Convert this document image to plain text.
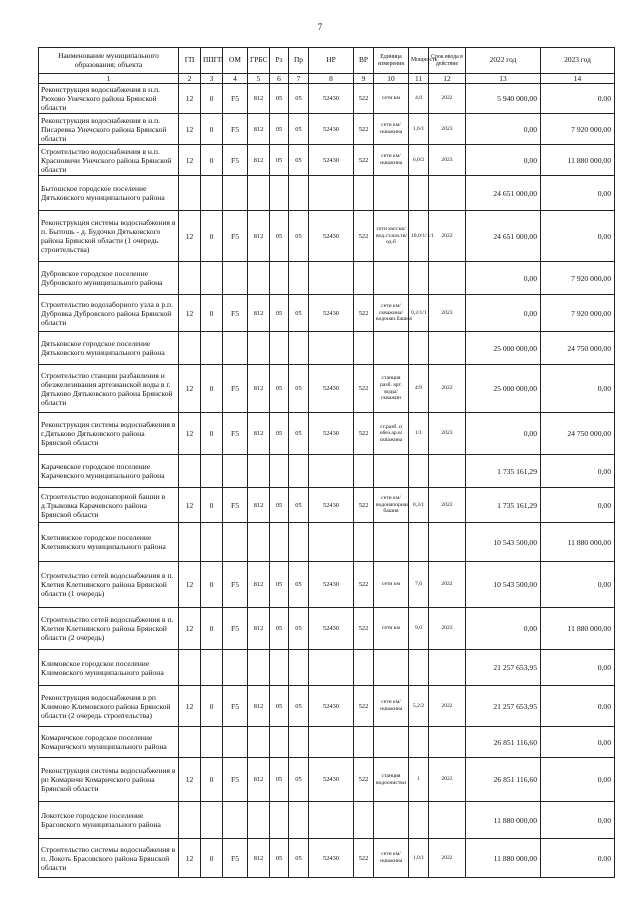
7
Наименование муниципального образования; объекта	ГП	ППГП	ОМ	ГРБС	Рз	Пр	НР	ВР	Единица измерения	Мощность	Срок ввода в действие	2022 год	2023 год
1	2	3	4	5	6	7	8	9	10	11	12	13	14
Реконструкция водоснабжения в н.п. Рюхово Унечского района Брянской области	12	0	F5	812	05	05	52430	522	сети км	4,0	2022	5 940 000,00	0,00
Реконструкция водоснабжения в н.п. Писаревка Унечского района Брянской области	12	0	F5	812	05	05	52430	522	сети км/скважина	1,6/1	2023	0,00	7 920 000,00
Строительство водоснабжения в н.п. Красновичи Унечского района Брянской области	12	0	F5	812	05	05	52430	522	сети км/скважина	6,0/2	2023	0,00	11 880 000,00
Бытошское городское поселение Дятьковского муниципального района												24 651 000,00	0,00
Реконструкция системы водоснабжения в п. Бытошь - д. Будочки Дятьковского района Брянской области (1 очередь строительства)	12	0	F5	812	05	05	52430	522	сети км/скв/вод.ст.наз.тв/од.б	10,0/1/1/1	2022	24 651 000,00	0,00
Дубровское городское поселение Дубровского муниципального района												0,00	7 920 000,00
Строительство водозаборного узла в р.п. Дубровка Дубровского района Брянской области	12	0	F5	812	05	05	52430	522	сети км/скважина/водонап.башня	0,2/1/1	2023	0,00	7 920 000,00
Дятьковское городское поселение Дятьковского муниципального района												25 000 000,00	24 750 000,00
Строительство станции разбавления и обезжелезивания артезианской воды в г. Дятьково Дятьковского района Брянской области	12	0	F5	812	05	05	52430	522	станция разб. арт. воды/скважин	4/9	2022	25 000 000,00	0,00
Реконструкция системы водоснабжения в г.Дятьково Дятьковского района Брянской области	12	0	F5	812	05	05	52430	522	ст.разб. и обез.ар.в/скважина	1/1	2023	0,00	24 750 000,00
Карачевское городское поселение Карачевского муниципального района												1 735 161,29	0,00
Строительство водонапорной башни в д.Трыковка Карачевского района Брянской области	12	0	F5	812	05	05	52430	522	сети км/водонапорная башня	0,3/1	2022	1 735 161,29	0,00
Клетнянское городское поселение Клетнянского муниципального района												10 543 500,00	11 880 000,00
Строительство сетей водоснабжения в п. Клетня Клетнянского района Брянской области (1 очередь)	12	0	F5	812	05	05	52430	522	сети км	7,0	2022	10 543 500,00	0,00
Строительство сетей водоснабжения в п. Клетня Клетнянского района Брянской области (2 очередь)	12	0	F5	812	05	05	52430	522	сети км	9,0	2023	0,00	11 880 000,00
Климовское городское поселение Климовского муниципального района												21 257 653,95	0,00
Реконструкция водоснабжения в рп Климово Климовского района Брянской области (2 очередь строительства)	12	0	F5	812	05	05	52430	522	сети км/скважина	5,2/2	2022	21 257 653,95	0,00
Комаричское городское поселение Комаричского муниципального района												26 851 116,60	0,00
Реконструкция системы водоснабжения в рп Комаричи Комаричского района Брянской области	12	0	F5	812	05	05	52430	522	станция водоочистки	1	2022	26 851 116,60	0,00
Локотское городское поселение Брасовского муниципального района												11 880 000,00	0,00
Строительство системы водоснабжения в п. Локоть Брасовского района Брянской области	12	0	F5	812	05	05	52430	522	сети км/скважина	1,0/1	2022	11 880 000,00	0,00
